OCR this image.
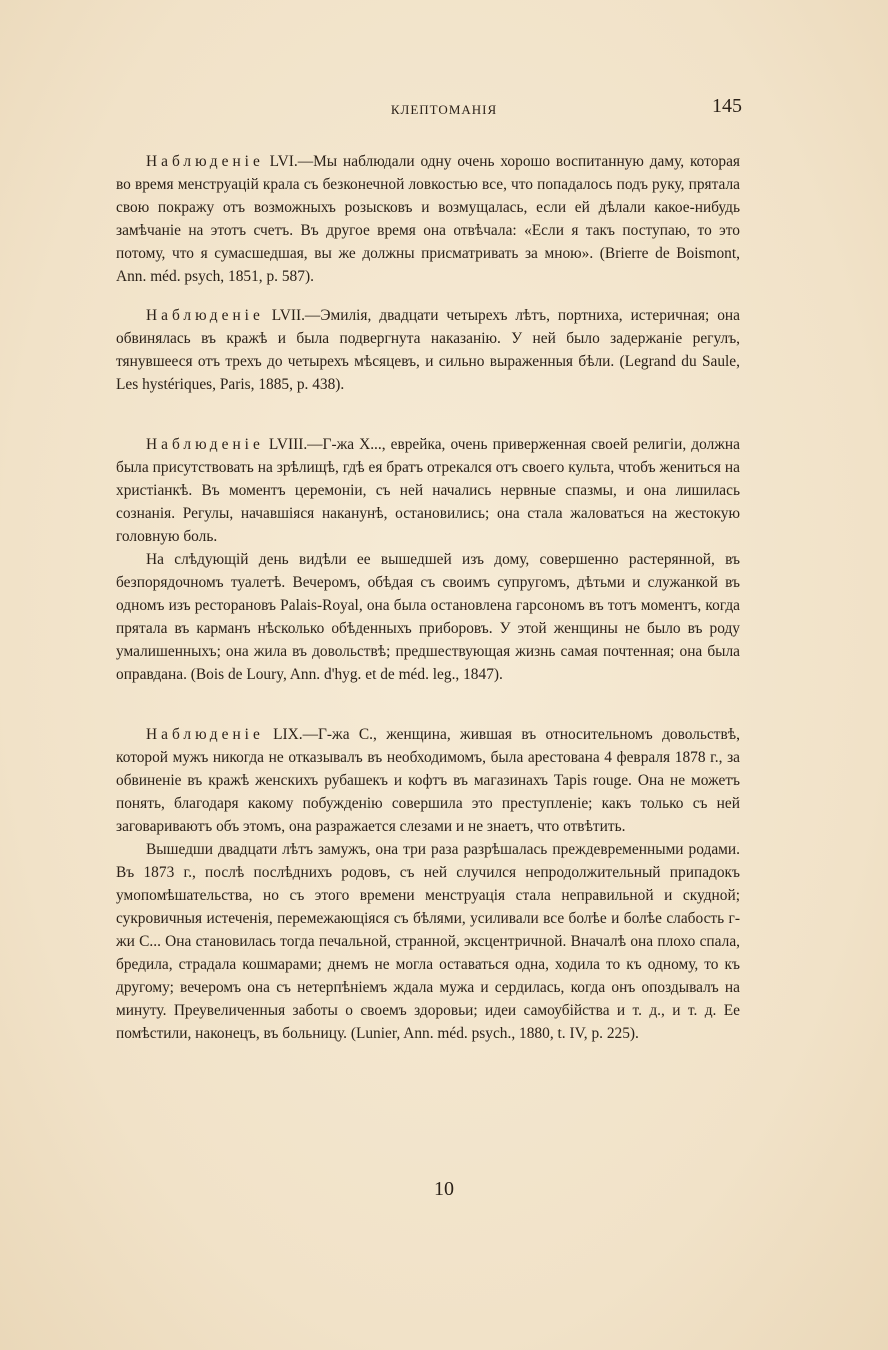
КЛЕПТОМАНІЯ	145

Наблюденіе LVI.—Мы наблюдали одну очень хорошо воспитанную даму, которая во время менструацій крала съ безконечной ловкостью все, что попадалось подъ руку, прятала свою покражу отъ возможныхъ розысковъ и возмущалась, если ей дѣлали какое-нибудь замѣчаніе на этотъ счетъ. Въ другое время она отвѣчала: «Если я такъ поступаю, то это потому, что я сумасшедшая, вы же должны присматривать за мною». (Brierre de Boismont, Ann. méd. psych, 1851, p. 587).

Наблюденіе LVII.—Эмилія, двадцати четырехъ лѣтъ, портниха, истеричная; она обвинялась въ кражѣ и была подвергнута наказанію. У ней было задержаніе регулъ, тянувшееся отъ трехъ до четырехъ мѣсяцевъ, и сильно выраженныя бѣли. (Legrand du Saule, Les hystériques, Paris, 1885, p. 438).

Наблюденіе LVIII.—Г-жа X..., еврейка, очень приверженная своей религіи, должна была присутствовать на зрѣлищѣ, гдѣ ея братъ отрекался отъ своего культа, чтобъ жениться на христіанкѣ. Въ моментъ церемоніи, съ ней начались нервные спазмы, и она лишилась сознанія. Регулы, начавшіяся наканунѣ, остановились; она стала жаловаться на жестокую головную боль.

На слѣдующій день видѣли ее вышедшей изъ дому, совершенно растерянной, въ безпорядочномъ туалетѣ. Вечеромъ, обѣдая съ своимъ супругомъ, дѣтьми и служанкой въ одномъ изъ ресторановъ Palais-Royal, она была остановлена гарсономъ въ тотъ моментъ, когда прятала въ карманъ нѣсколько обѣденныхъ приборовъ. У этой женщины не было въ роду умалишенныхъ; она жила въ довольствѣ; предшествующая жизнь самая почтенная; она была оправдана. (Bois de Loury, Ann. d'hyg. et de méd. leg., 1847).

Наблюденіе LIX.—Г-жа С., женщина, жившая въ относительномъ довольствѣ, которой мужъ никогда не отказывалъ въ необходимомъ, была арестована 4 февраля 1878 г., за обвиненіе въ кражѣ женскихъ рубашекъ и кофтъ въ магазинахъ Tapis rouge. Она не можетъ понять, благодаря какому побужденію совершила это преступленіе; какъ только съ ней заговариваютъ объ этомъ, она разражается слезами и не знаетъ, что отвѣтить.

Вышедши двадцати лѣтъ замужъ, она три раза разрѣшалась преждевременными родами. Въ 1873 г., послѣ послѣднихъ родовъ, съ ней случился непродолжительный припадокъ умопомѣшательства, но съ этого времени менструація стала неправильной и скудной; сукровичныя истеченія, перемежающіяся съ бѣлями, усиливали все болѣе и болѣе слабость г-жи С... Она становилась тогда печальной, странной, эксцентричной. Вначалѣ она плохо спала, бредила, страдала кошмарами; днемъ не могла оставаться одна, ходила то къ одному, то къ другому; вечеромъ она съ нетерпѣніемъ ждала мужа и сердилась, когда онъ опоздывалъ на минуту. Преувеличенныя заботы о своемъ здоровьи; идеи самоубійства и т. д., и т. д. Ее помѣстили, наконецъ, въ больницу. (Lunier, Ann. méd. psych., 1880, t. IV, p. 225).

10
